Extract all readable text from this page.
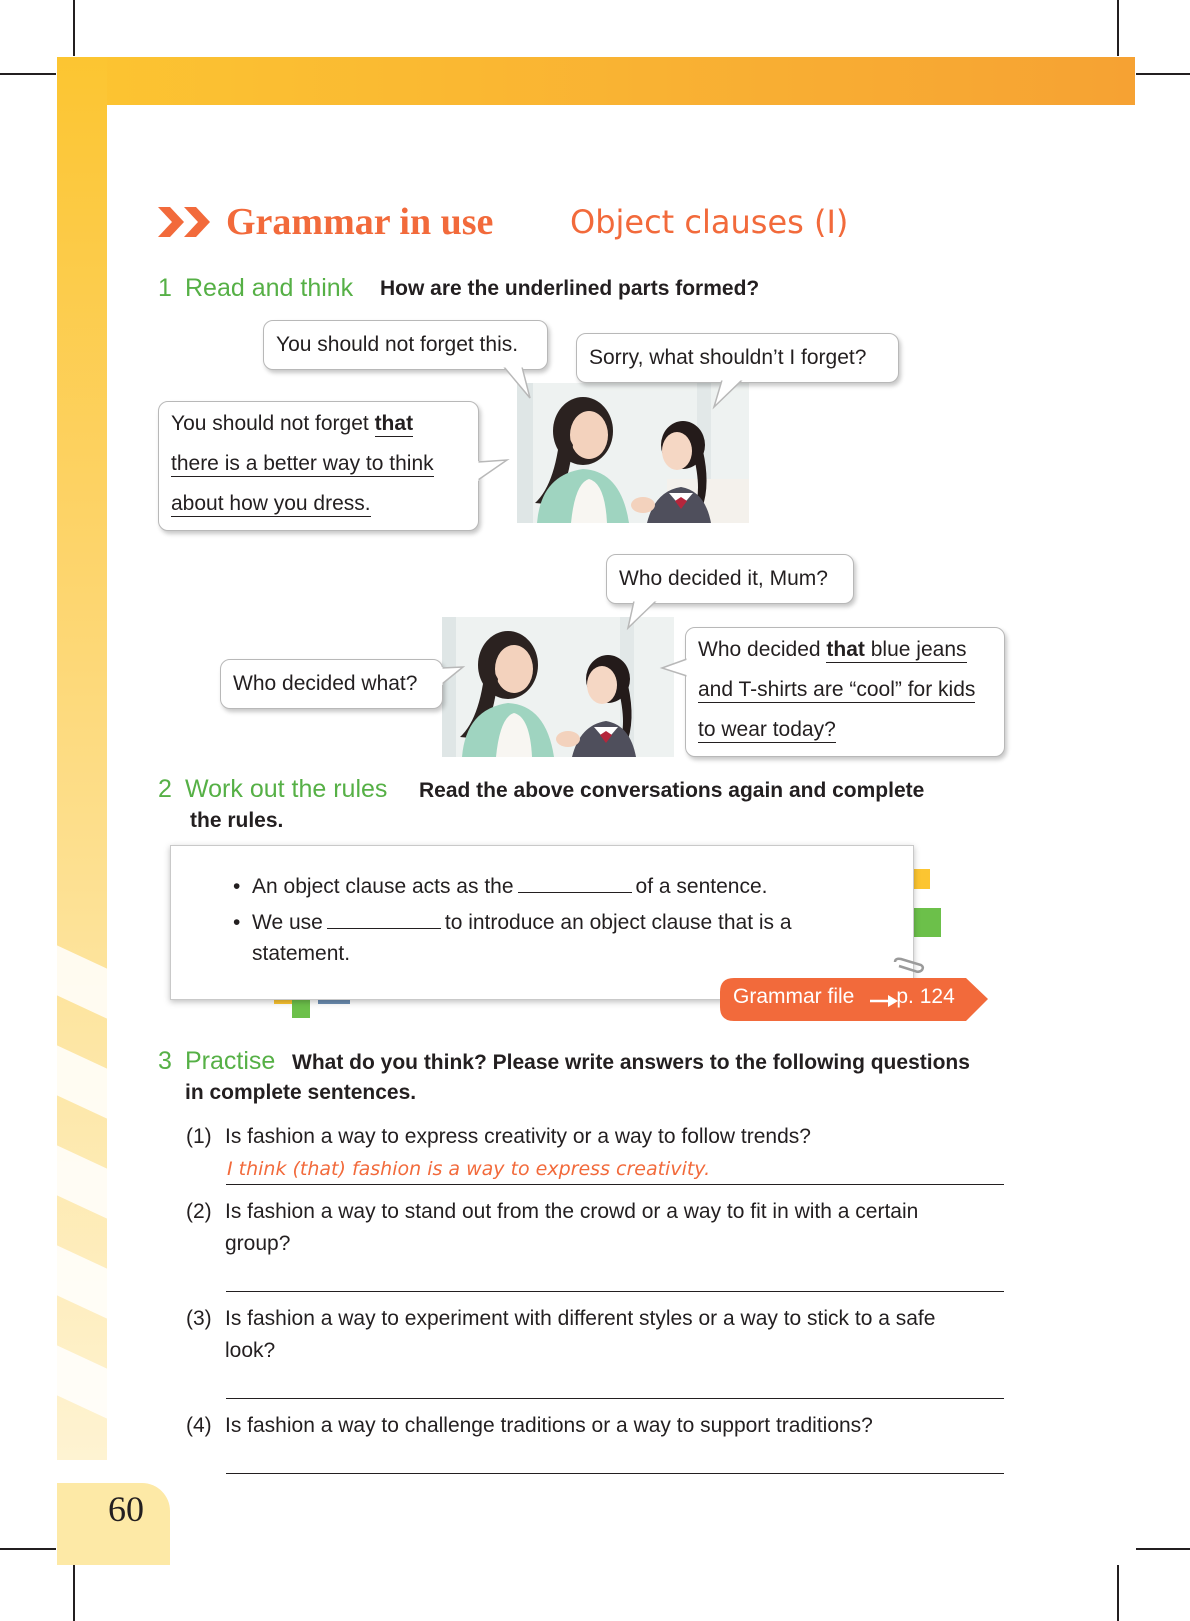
60
Grammar in use Object clauses (I)
1 Read and think How are the underlined parts formed?
You should not forget this.
Sorry, what shouldn’t I forget?
You should not forget that
there is a better way to think
about how you dress.
Who decided it, Mum?
Who decided what?
Who decided that blue jeans
and T-shirts are “cool” for kids
to wear today?
2 Work out the rules Read the above conversations again and complete
the rules.
•  An object clause acts as the	of a sentence.
•  We use	to introduce an object clause that is a
statement.
Grammar file p. 124
3 Practise What do you think? Please write answers to the following questions
in complete sentences.
(1) Is fashion a way to express creativity or a way to follow trends?
I think (that) fashion is a way to express creativity.
(2) Is fashion a way to stand out from the crowd or a way to fit in with a certain
group?
(3) Is fashion a way to experiment with different styles or a way to stick to a safe
look?
(4) Is fashion a way to challenge traditions or a way to support traditions?
